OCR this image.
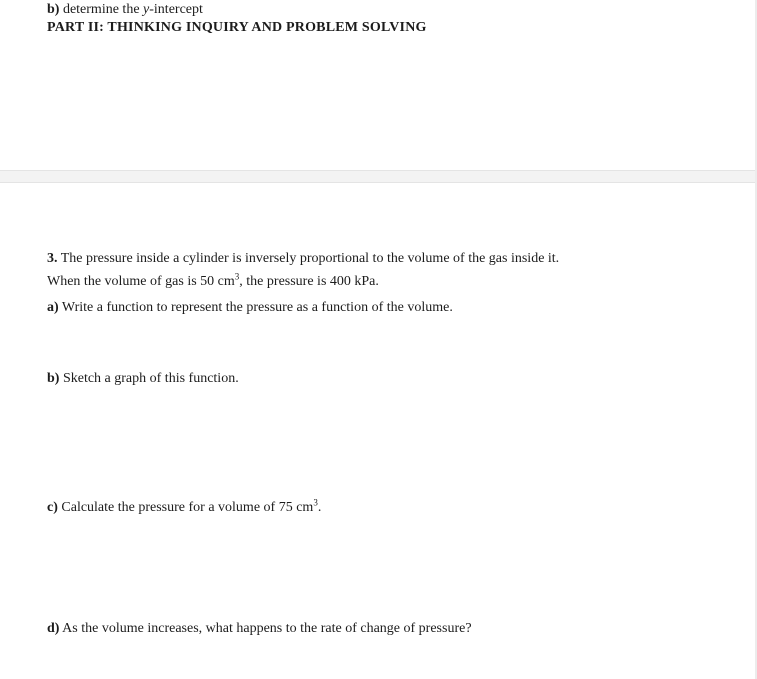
b) determine the y-intercept

PART II: THINKING INQUIRY AND PROBLEM SOLVING

3. The pressure inside a cylinder is inversely proportional to the volume of the gas inside it.

When the volume of gas is 50 $cm^3$, the pressure is 400 kPa.

a) Write a function to represent the pressure as a function of the volume.

b) Sketch a graph of this function.

c) Calculate the pressure for a volume of 75 $cm^3$.

d) As the volume increases, what happens to the rate of change of pressure?
